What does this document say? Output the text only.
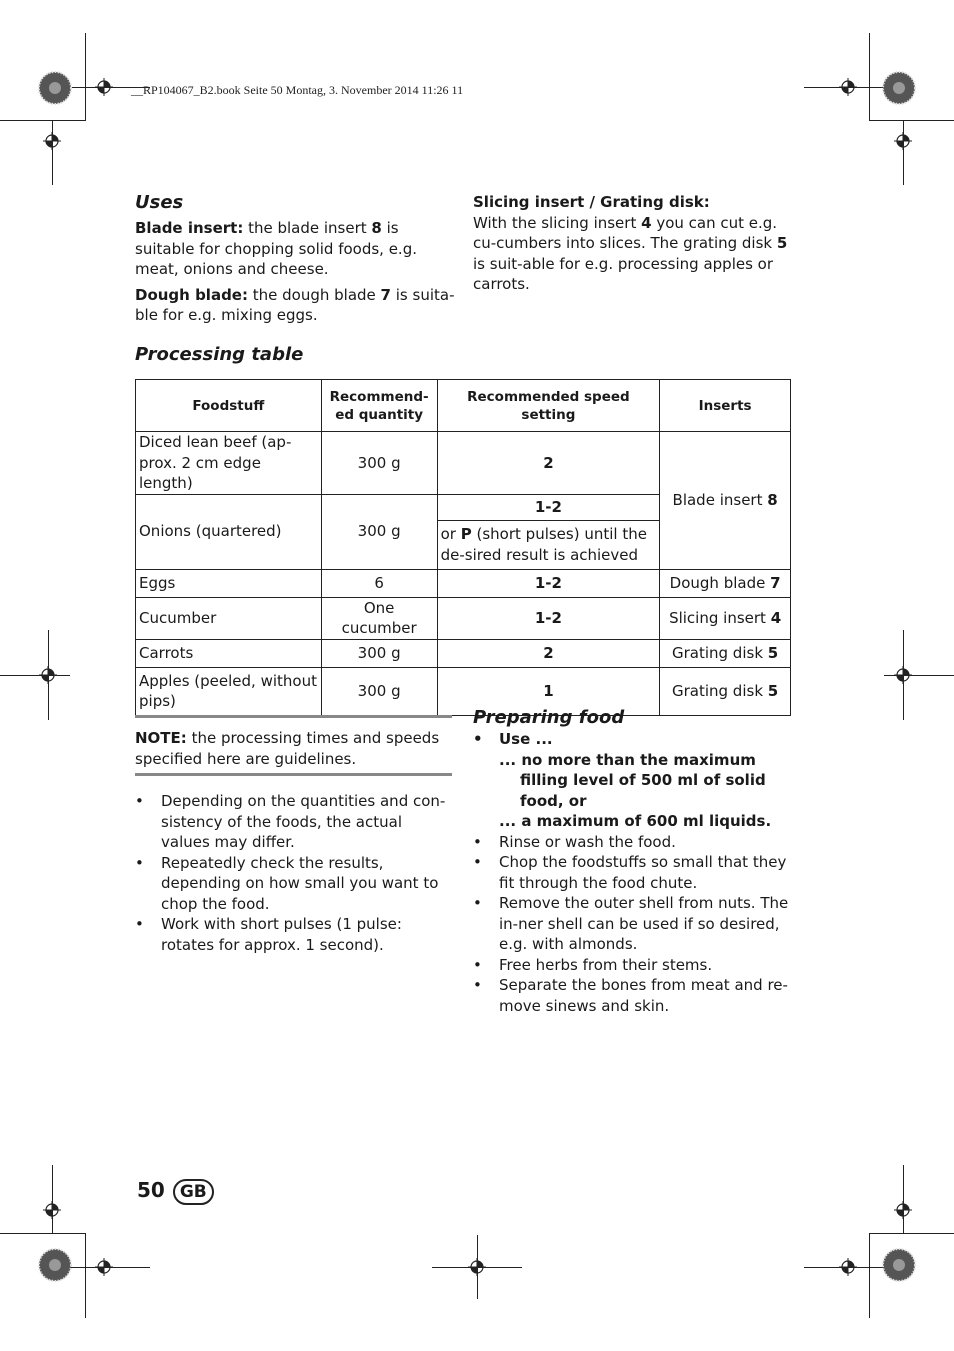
__RP104067_B2.book Seite 50 Montag, 3. November 2014 11:26 11
Uses

Blade insert: the blade insert 8 is suitable for chopping solid foods, e.g. meat, onions and cheese.

Dough blade: the dough blade 7 is suita-ble for e.g. mixing eggs.

Slicing insert / Grating disk:

With the slicing insert 4 you can cut e.g. cu-cumbers into slices. The grating disk 5 is suit-able for e.g. processing apples or carrots.

Processing table
Foodstuff	Recommend-ed quantity	Recommended speed setting	Inserts
Diced lean beef (ap-prox. 2 cm edge length)	300 g	2	Blade insert 8
Onions (quartered)	300 g	1-2	
		or P (short pulses) until the de-sired result is achieved	
Eggs	6	1-2	Dough blade 7
Cucumber	One cucumber	1-2	Slicing insert 4
Carrots	300 g	2	Grating disk 5
Apples (peeled, without pips)	300 g	1	Grating disk 5

NOTE: the processing times and speeds specified here are guidelines.

• Depending on the quantities and con-sistency of the foods, the actual values may differ.
• Repeatedly check the results, depending on how small you want to chop the food.
• Work with short pulses (1 pulse: rotates for approx. 1 second).
Preparing food
• Use ...
... no more than the maximum filling level of 500 ml of solid food, or
... a maximum of 600 ml liquids.
• Rinse or wash the food.
• Chop the foodstuffs so small that they fit through the food chute.
• Remove the outer shell from nuts. The in-ner shell can be used if so desired, e.g. with almonds.
• Free herbs from their stems.
• Separate the bones from meat and re-move sinews and skin.
50 GB
